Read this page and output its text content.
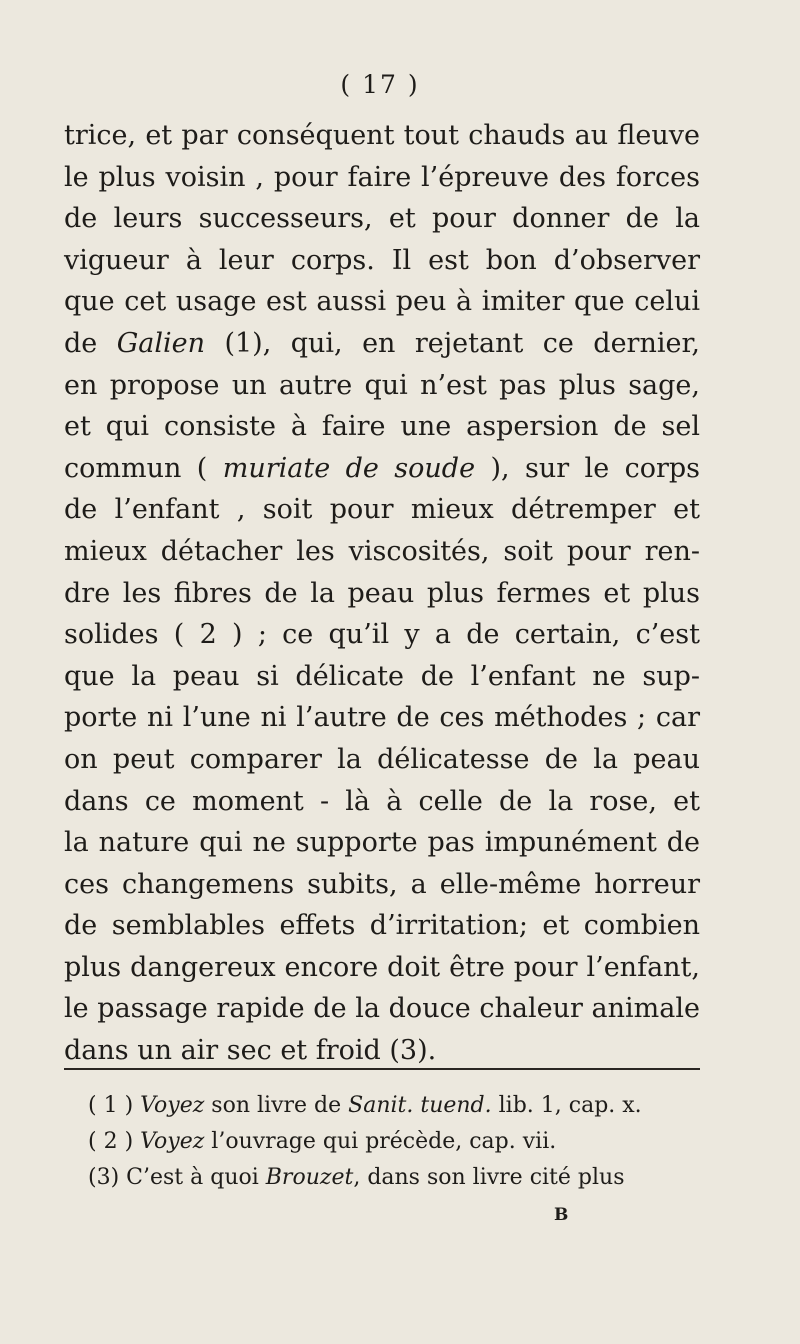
( 17 )
trice, et par conséquent tout chauds au fleuve
le plus voisin , pour faire l’épreuve des forces
de leurs successeurs, et pour donner de la
vigueur à leur corps. Il est bon d’observer
que cet usage est aussi peu à imiter que celui
de Galien (1), qui, en rejetant ce dernier,
en propose un autre qui n’est pas plus sage,
et qui consiste à faire une aspersion de sel
commun ( muriate de soude ), sur le corps
de l’enfant , soit pour mieux détremper et
mieux détacher les viscosités, soit pour ren-
dre les fibres de la peau plus fermes et plus
solides ( 2 ) ; ce qu’il y a de certain, c’est
que la peau si délicate de l’enfant ne sup-
porte ni l’une ni l’autre de ces méthodes ; car
on peut comparer la délicatesse de la peau
dans ce moment - là à celle de la rose, et
la nature qui ne supporte pas impunément de
ces changemens subits, a elle-même horreur
de semblables effets d’irritation; et combien
plus dangereux encore doit être pour l’enfant,
le passage rapide de la douce chaleur animale
dans un air sec et froid (3).
( 1 ) Voyez son livre de Sanit. tuend. lib. 1, cap. x.
( 2 ) Voyez l’ouvrage qui précède, cap. vii.
(3) C’est à quoi Brouzet, dans son livre cité plus
B
